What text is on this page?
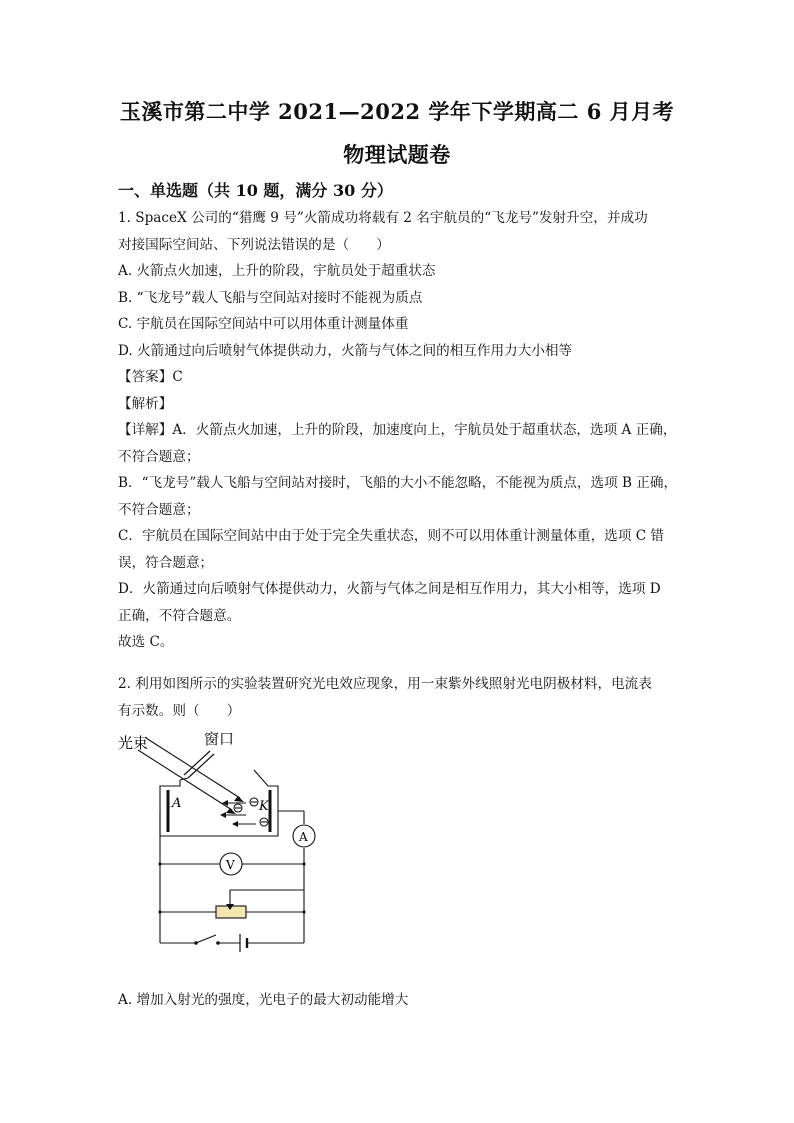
玉溪市第二中学 2021—2022 学年下学期高二 6 月月考
物理试题卷
一、单选题（共 10 题，满分 30 分）
1. SpaceX 公司的“猎鹰 9 号”火箭成功将载有 2 名宇航员的“飞龙号”发射升空，并成功
对接国际空间站、下列说法错误的是（　　）
A. 火箭点火加速，上升的阶段，宇航员处于超重状态
B. “飞龙号”载人飞船与空间站对接时不能视为质点
C. 宇航员在国际空间站中可以用体重计测量体重
D. 火箭通过向后喷射气体提供动力，火箭与气体之间的相互作用力大小相等
【答案】C
【解析】
【详解】A．火箭点火加速，上升的阶段，加速度向上，宇航员处于超重状态，选项 A 正确，
不符合题意；
B．“飞龙号”载人飞船与空间站对接时，飞船的大小不能忽略，不能视为质点，选项 B 正确，
不符合题意；
C．宇航员在国际空间站中由于处于完全失重状态，则不可以用体重计测量体重，选项 C 错
误，符合题意；
D．火箭通过向后喷射气体提供动力，火箭与气体之间是相互作用力，其大小相等，选项 D
正确，不符合题意。
故选 C。
2. 利用如图所示的实验装置研究光电效应现象，用一束紫外线照射光电阴极材料，电流表
有示数。则（　　）
光束	窗口
A	K
A
V
A. 增加入射光的强度，光电子的最大初动能增大
